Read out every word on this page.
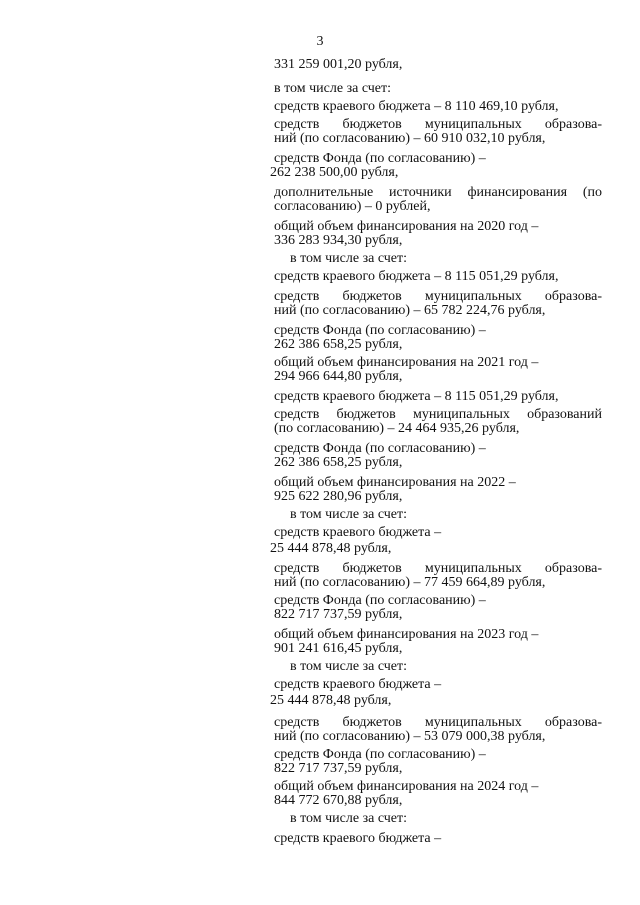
3

331 259 001,20 рубля,

в том числе за счет:

средств краевого бюджета – 8 110 469,10 рубля,

средств бюджетов муниципальных образова-
ний (по согласованию) – 60 910 032,10 рубля,

средств Фонда (по согласованию) –
262 238 500,00 рубля,

дополнительные источники финансирования (по
согласованию) – 0 рублей,

общий объем финансирования на 2020 год –
336 283 934,30 рубля,

в том числе за счет:

средств краевого бюджета – 8 115 051,29 рубля,

средств бюджетов муниципальных образова-
ний (по согласованию) – 65 782 224,76 рубля,

средств Фонда (по согласованию) –
262 386 658,25 рубля,

общий объем финансирования на 2021 год –
294 966 644,80 рубля,

средств краевого бюджета – 8 115 051,29 рубля,

средств бюджетов муниципальных образований
(по согласованию) – 24 464 935,26 рубля,

средств Фонда (по согласованию) –
262 386 658,25 рубля,

общий объем финансирования на 2022 –
925 622 280,96 рубля,

в том числе за счет:

средств краевого бюджета –

25 444 878,48 рубля,

средств бюджетов муниципальных образова-
ний (по согласованию) – 77 459 664,89 рубля,

средств Фонда (по согласованию) –
822 717 737,59 рубля,

общий объем финансирования на 2023 год –
901 241 616,45 рубля,

в том числе за счет:

средств краевого бюджета –

25 444 878,48 рубля,

средств бюджетов муниципальных образова-
ний (по согласованию) – 53 079 000,38 рубля,

средств Фонда (по согласованию) –
822 717 737,59 рубля,

общий объем финансирования на 2024 год –
844 772 670,88 рубля,

в том числе за счет:

средств краевого бюджета –
